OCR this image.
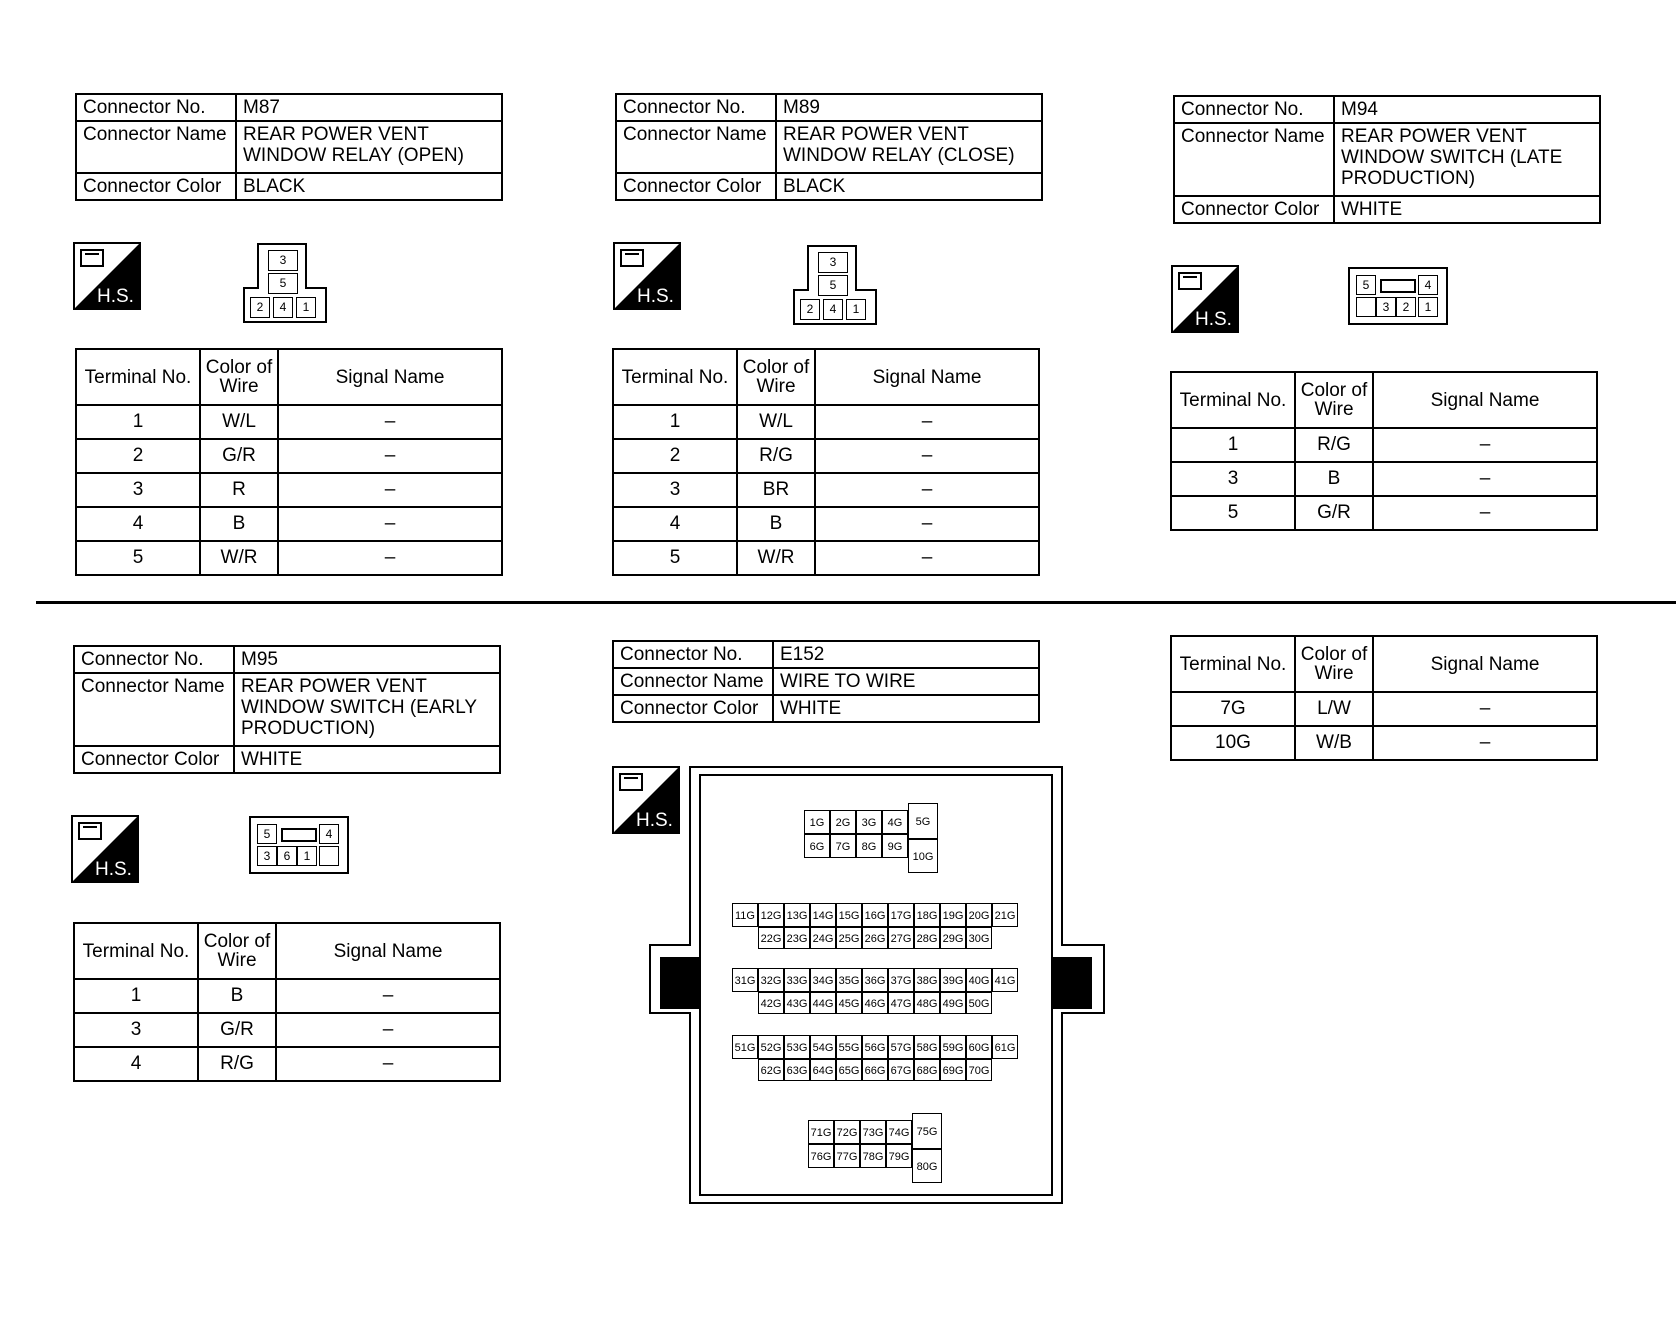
Connector No.	M87
Connector Name	REAR POWER VENT WINDOW RELAY (OPEN)
Connector Color	BLACK
H.S.
3
5
2	4	1
Terminal No.	Color of Wire	Signal Name
1	W/L	–
2	G/R	–
3	R	–
4	B	–
5	W/R	–
Connector No.	M89
Connector Name	REAR POWER VENT WINDOW RELAY (CLOSE)
Connector Color	BLACK
H.S.
3
5
2	4	1
Terminal No.	Color of Wire	Signal Name
1	W/L	–
2	R/G	–
3	BR	–
4	B	–
5	W/R	–
Connector No.	M94
Connector Name	REAR POWER VENT WINDOW SWITCH (LATE PRODUCTION)
Connector Color	WHITE
H.S.
5	4
3	2	1
Terminal No.	Color of Wire	Signal Name
1	R/G	–
3	B	–
5	G/R	–
Connector No.	M95
Connector Name	REAR POWER VENT WINDOW SWITCH (EARLY PRODUCTION)
Connector Color	WHITE
H.S.
5	4
3	6	1
Terminal No.	Color of Wire	Signal Name
1	B	–
3	G/R	–
4	R/G	–
Connector No.	E152
Connector Name	WIRE TO WIRE
Connector Color	WHITE
H.S.	1G	2G	3G	4G
6G	7G	8G	9G
5G
10G
11G 12G 13G 14G 15G 16G 17G 18G 19G 20G 21G
22G 23G 24G 25G 26G 27G 28G 29G 30G
31G 32G 33G 34G 35G 36G 37G 38G 39G 40G 41G
42G 43G 44G 45G 46G 47G 48G 49G 50G
51G 52G 53G 54G 55G 56G 57G 58G 59G 60G 61G
62G 63G 64G 65G 66G 67G 68G 69G 70G
71G 72G 73G 74G
76G 77G 78G 79G
75G
80G
Terminal No.	Color of Wire	Signal Name
7G	L/W	–
10G	W/B	–
